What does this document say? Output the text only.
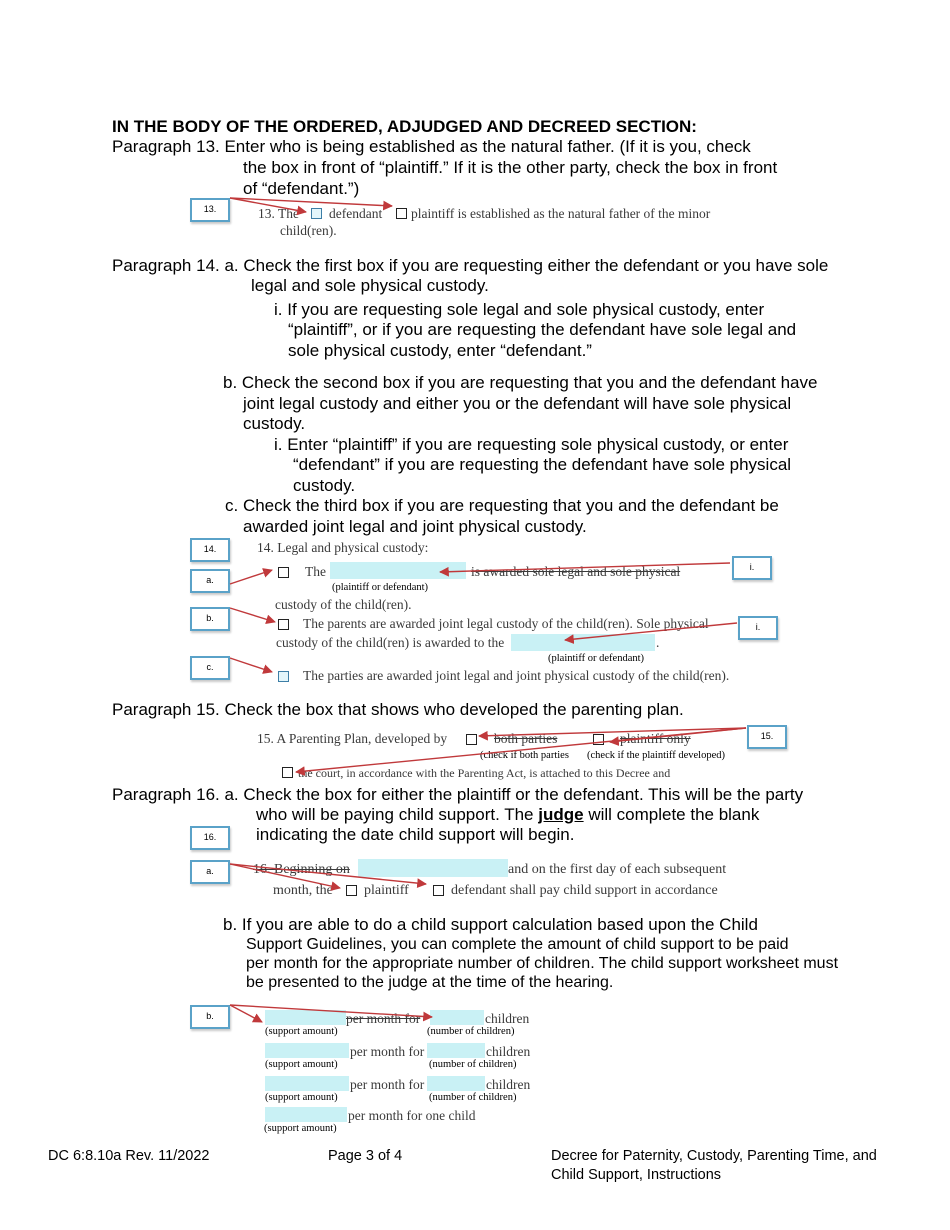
IN THE BODY OF THE ORDERED, ADJUDGED AND DECREED SECTION:
Paragraph 13. Enter who is being established as the natural father. (If it is you, check
the box in front of “plaintiff.” If it is the other party, check the box in front
of “defendant.”)
13.	13. The defendant plaintiff is established as the natural father of the minor
child(ren).
Paragraph 14. a. Check the first box if you are requesting either the defendant or you have sole
legal and sole physical custody.
i. If you are requesting sole legal and sole physical custody, enter
“plaintiff”, or if you are requesting the defendant have sole legal and
sole physical custody, enter “defendant.”
b. Check the second box if you are requesting that you and the defendant have
joint legal custody and either you or the defendant will have sole physical
custody.
i. Enter “plaintiff” if you are requesting sole physical custody, or enter
“defendant” if you are requesting the defendant have sole physical
custody.
c. Check the third box if you are requesting that you and the defendant be
awarded joint legal and joint physical custody.
14.
a.
b.
c.
i.
i.
14. Legal and physical custody:
The	is awarded sole legal and sole physical
(plaintiff or defendant)
custody of the child(ren).
The parents are awarded joint legal custody of the child(ren). Sole physical
custody of the child(ren) is awarded to the	.
(plaintiff or defendant)
The parties are awarded joint legal and joint physical custody of the child(ren).
Paragraph 15. Check the box that shows who developed the parenting plan.
15.
15. A Parenting Plan, developed by	both parties	plaintiff only
(check if both parties (check if the plaintiff developed)
the court, in accordance with the Parenting Act, is attached to this Decree and
Paragraph 16. a. Check the box for either the plaintiff or the defendant. This will be the party
who will be paying child support. The judge will complete the blank
indicating the date child support will begin.
16.
a.	16. Beginning on	and on the first day of each subsequent
month, the plaintiff	defendant shall pay child support in accordance
b. If you are able to do a child support calculation based upon the Child
Support Guidelines, you can complete the amount of child support to be paid
per month for the appropriate number of children. The child support worksheet must
be presented to the judge at the time of the hearing.
b.	per month for	children
(support amount)	(number of children)
per month for	children
(support amount)	(number of children)
per month for	children
(support amount)	(number of children)
per month for one child
(support amount)
DC 6:8.10a Rev. 11/2022	Page 3 of 4	Decree for Paternity, Custody, Parenting Time, and
Child Support, Instructions
